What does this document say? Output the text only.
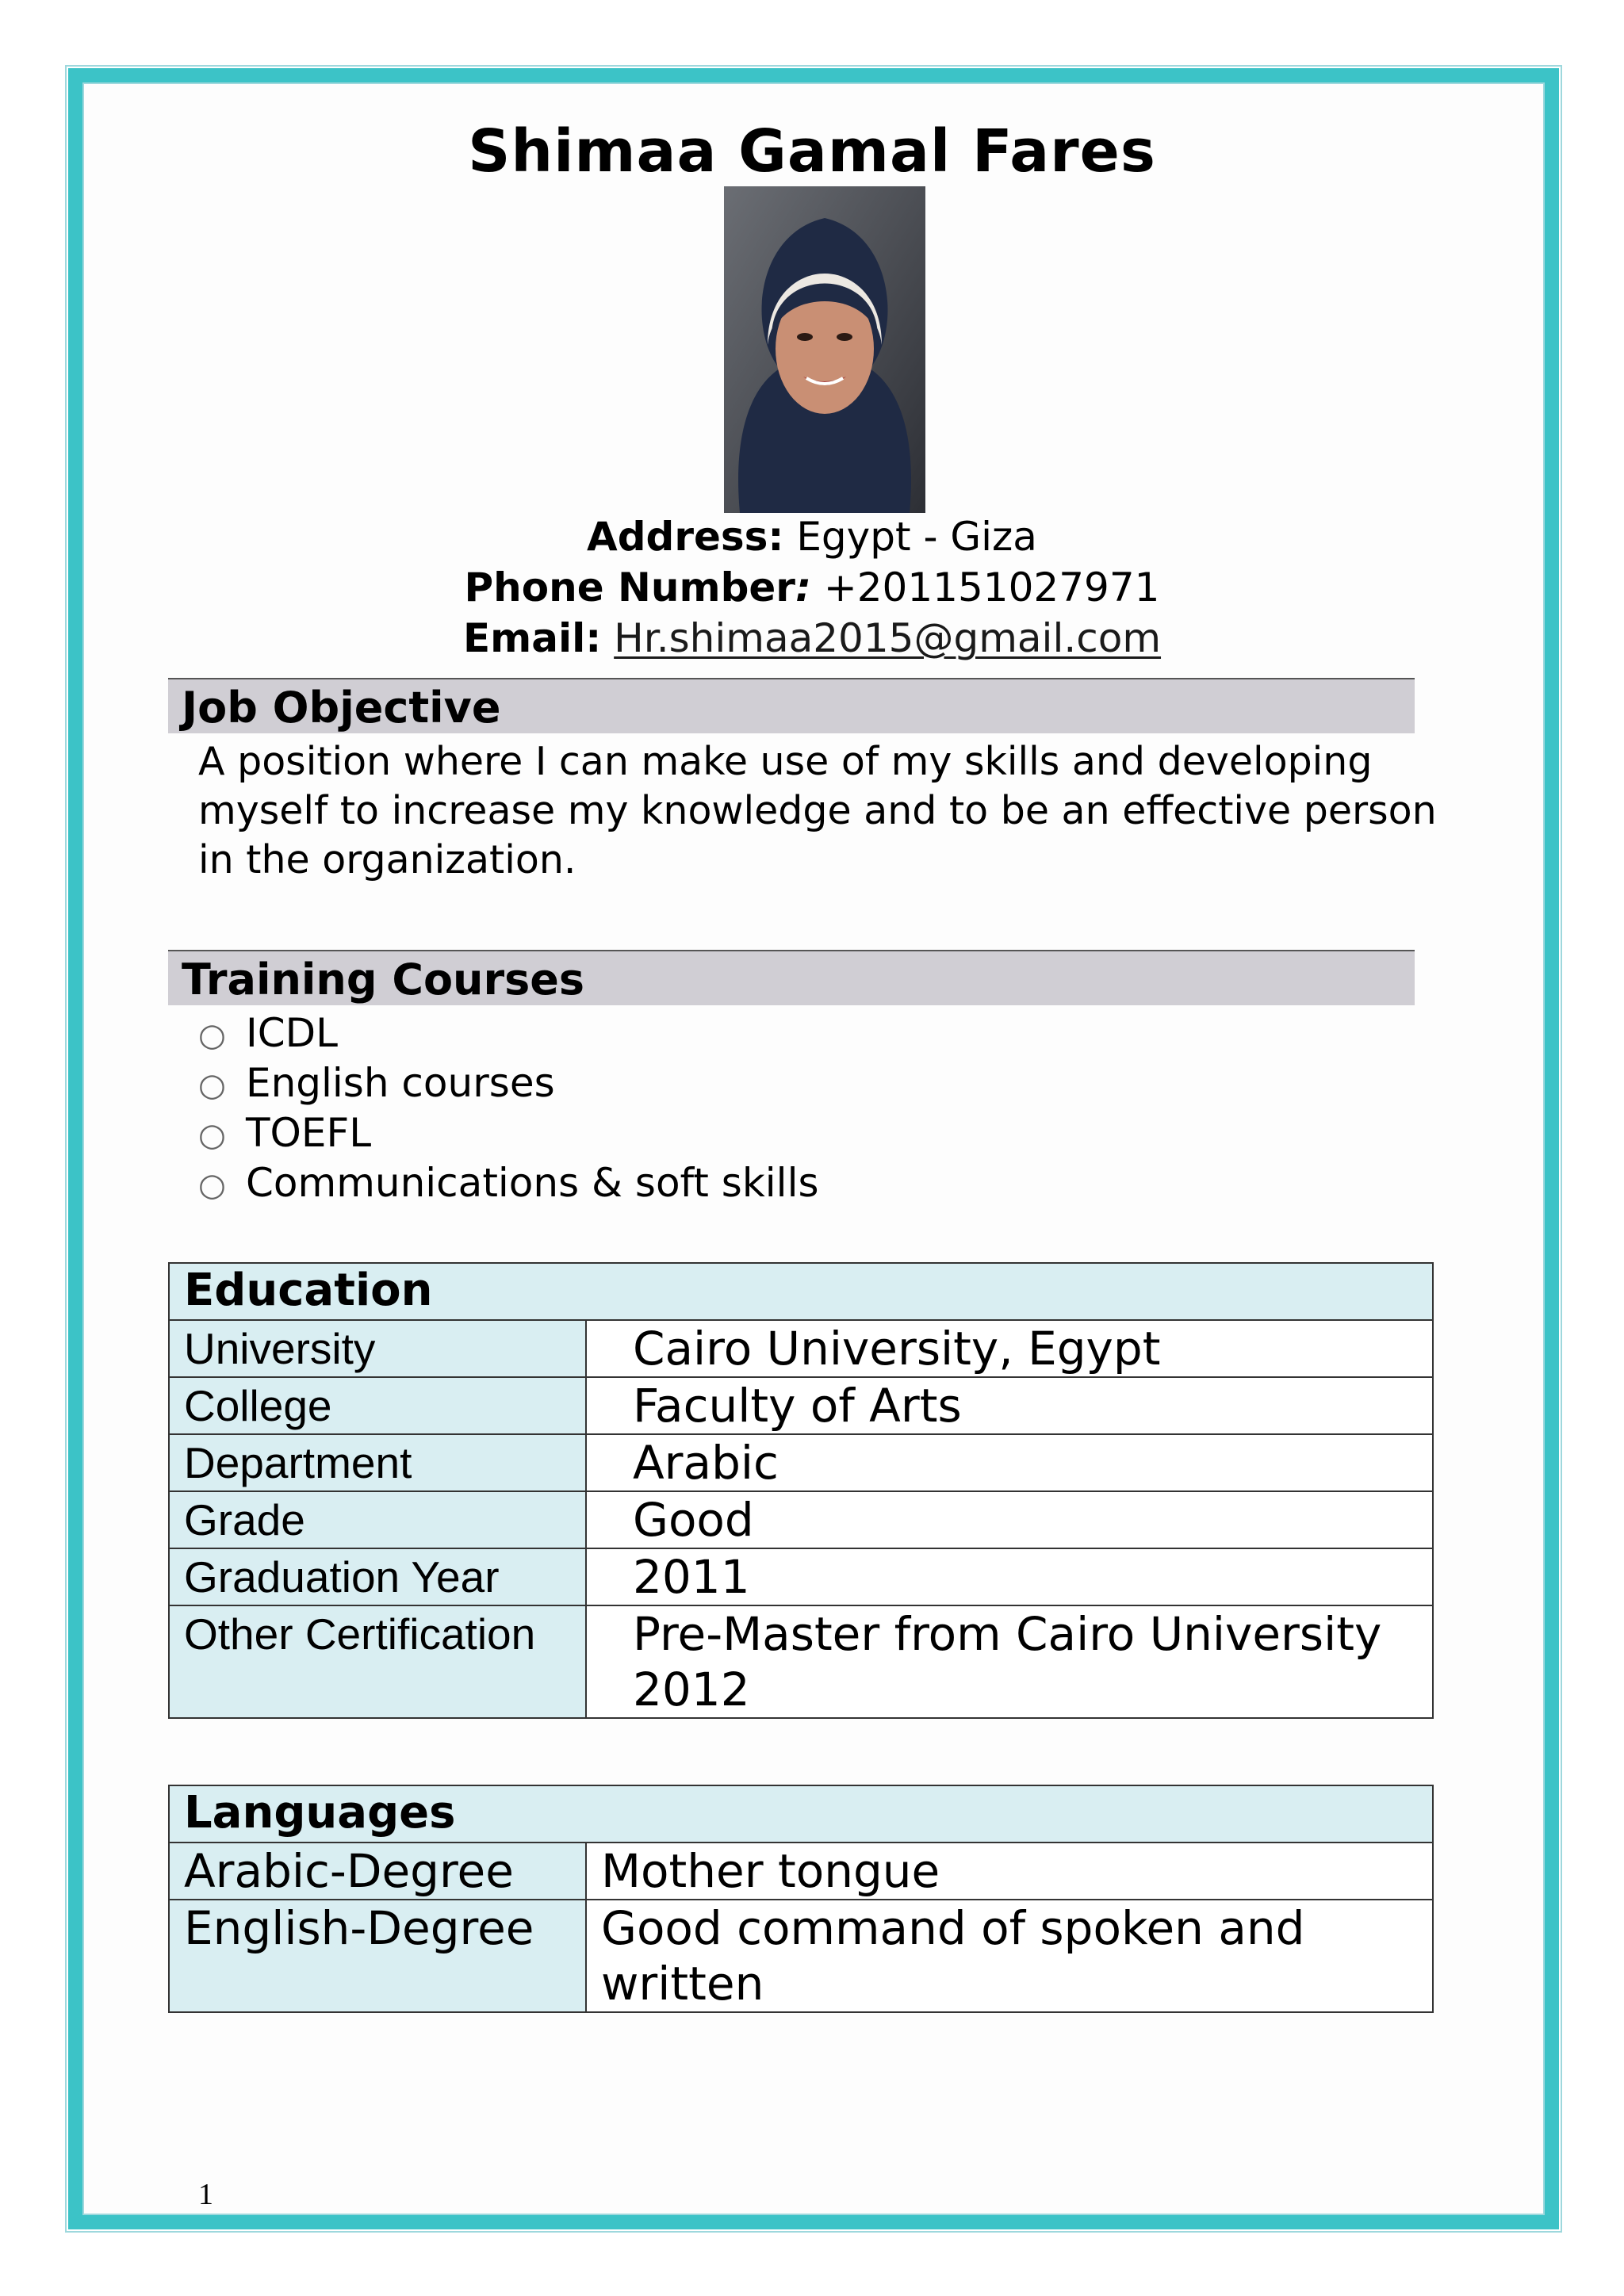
Shimaa Gamal Fares
Address: Egypt - Giza
Phone Number: +201151027971
Email: Hr.shimaa2015@gmail.com
Job Objective
A position where I can make use of my skills and developing myself to increase my knowledge and to be an effective person in the organization.
Training Courses
○ ICDL
○ English courses
○ TOEFL
○ Communications & soft skills
Education	
University	Cairo University, Egypt
College	Faculty of Arts
Department	Arabic
Grade	Good
Graduation Year	2011
Other Certification	Pre-Master from Cairo University 2012
Languages	
Arabic-Degree	Mother tongue
English-Degree	Good command of spoken and written
1
